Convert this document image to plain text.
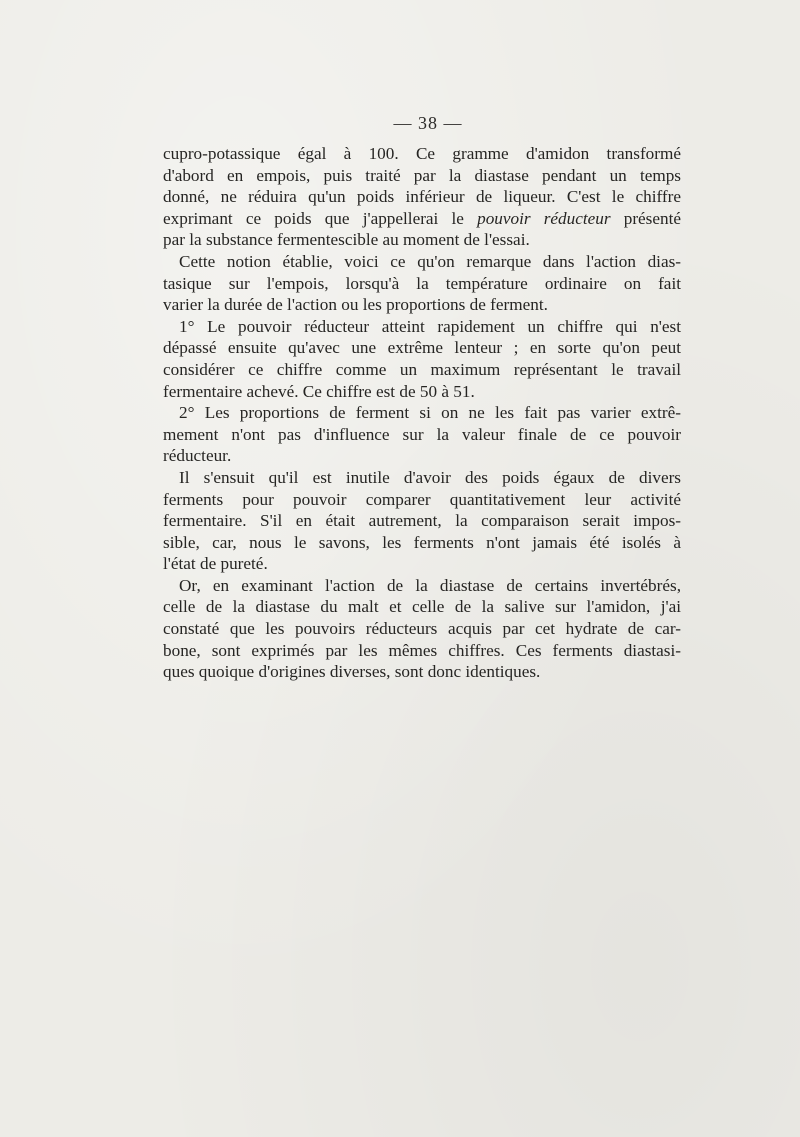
— 38 —
cupro-potassique égal à 100. Ce gramme d'amidon transformé
d'abord en empois, puis traité par la diastase pendant un temps
donné, ne réduira qu'un poids inférieur de liqueur. C'est le chiffre
exprimant ce poids que j'appellerai le pouvoir réducteur présenté
par la substance fermentescible au moment de l'essai.
Cette notion établie, voici ce qu'on remarque dans l'action dias-
tasique sur l'empois, lorsqu'à la température ordinaire on fait
varier la durée de l'action ou les proportions de ferment.
1° Le pouvoir réducteur atteint rapidement un chiffre qui n'est
dépassé ensuite qu'avec une extrême lenteur ; en sorte qu'on peut
considérer ce chiffre comme un maximum représentant le travail
fermentaire achevé. Ce chiffre est de 50 à 51.
2° Les proportions de ferment si on ne les fait pas varier extrê-
mement n'ont pas d'influence sur la valeur finale de ce pouvoir
réducteur.
Il s'ensuit qu'il est inutile d'avoir des poids égaux de divers
ferments pour pouvoir comparer quantitativement leur activité
fermentaire. S'il en était autrement, la comparaison serait impos-
sible, car, nous le savons, les ferments n'ont jamais été isolés à
l'état de pureté.
Or, en examinant l'action de la diastase de certains invertébrés,
celle de la diastase du malt et celle de la salive sur l'amidon, j'ai
constaté que les pouvoirs réducteurs acquis par cet hydrate de car-
bone, sont exprimés par les mêmes chiffres. Ces ferments diastasi-
ques quoique d'origines diverses, sont donc identiques.
